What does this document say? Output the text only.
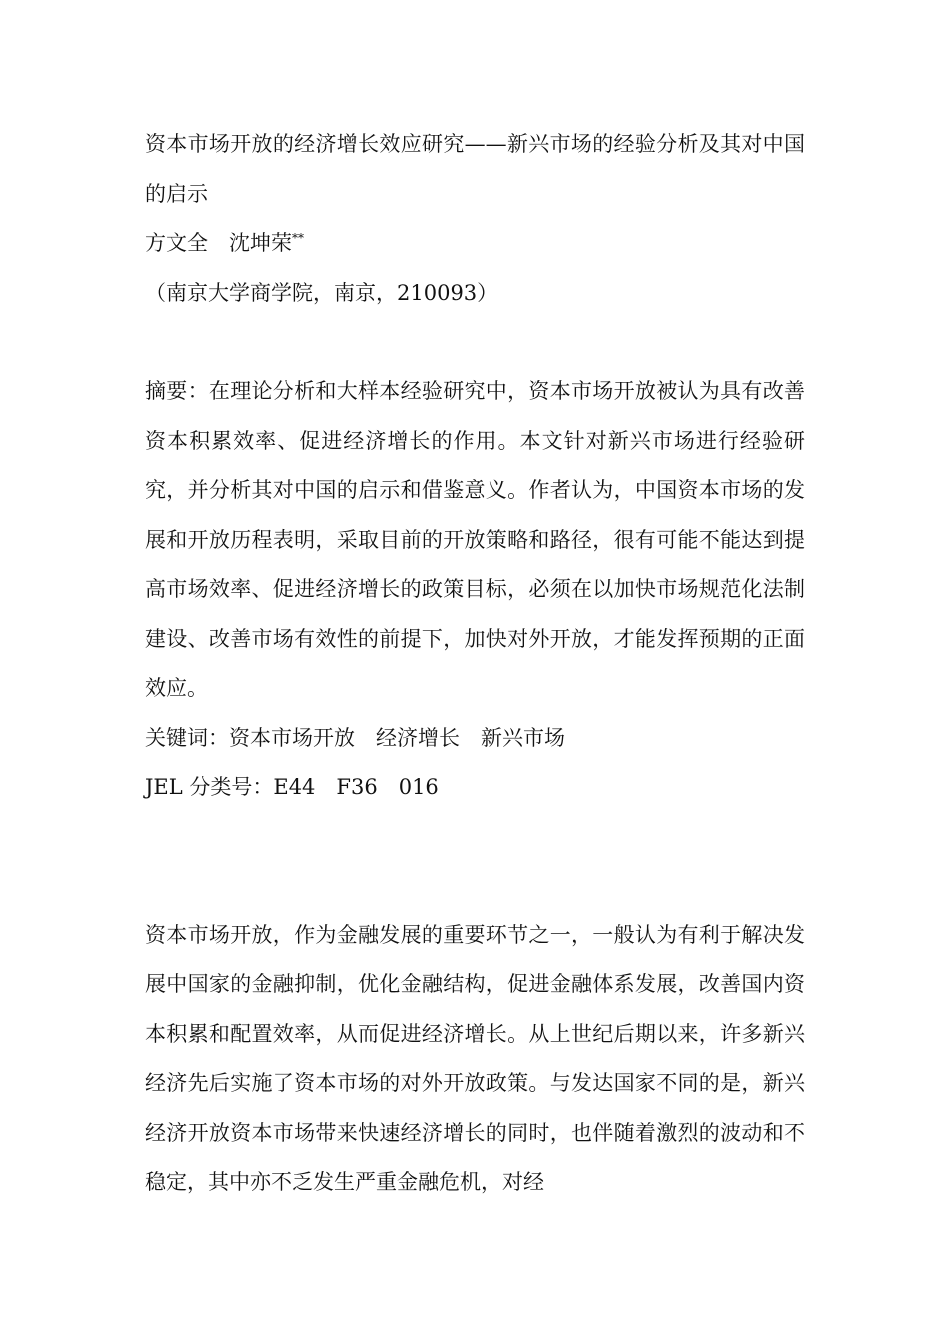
资本市场开放的经济增长效应研究——新兴市场的经验分析及其对中国的启示

方文全　沈坤荣**

（南京大学商学院，南京，210093）

摘要：在理论分析和大样本经验研究中，资本市场开放被认为具有改善资本积累效率、促进经济增长的作用。本文针对新兴市场进行经验研究，并分析其对中国的启示和借鉴意义。作者认为，中国资本市场的发展和开放历程表明，采取目前的开放策略和路径，很有可能不能达到提高市场效率、促进经济增长的政策目标，必须在以加快市场规范化法制建设、改善市场有效性的前提下，加快对外开放，才能发挥预期的正面效应。

关键词：资本市场开放　经济增长　新兴市场

JEL 分类号：E44　F36　016

资本市场开放，作为金融发展的重要环节之一，一般认为有利于解决发展中国家的金融抑制，优化金融结构，促进金融体系发展，改善国内资本积累和配置效率，从而促进经济增长。从上世纪后期以来，许多新兴经济先后实施了资本市场的对外开放政策。与发达国家不同的是，新兴经济开放资本市场带来快速经济增长的同时，也伴随着激烈的波动和不稳定，其中亦不乏发生严重金融危机，对经
